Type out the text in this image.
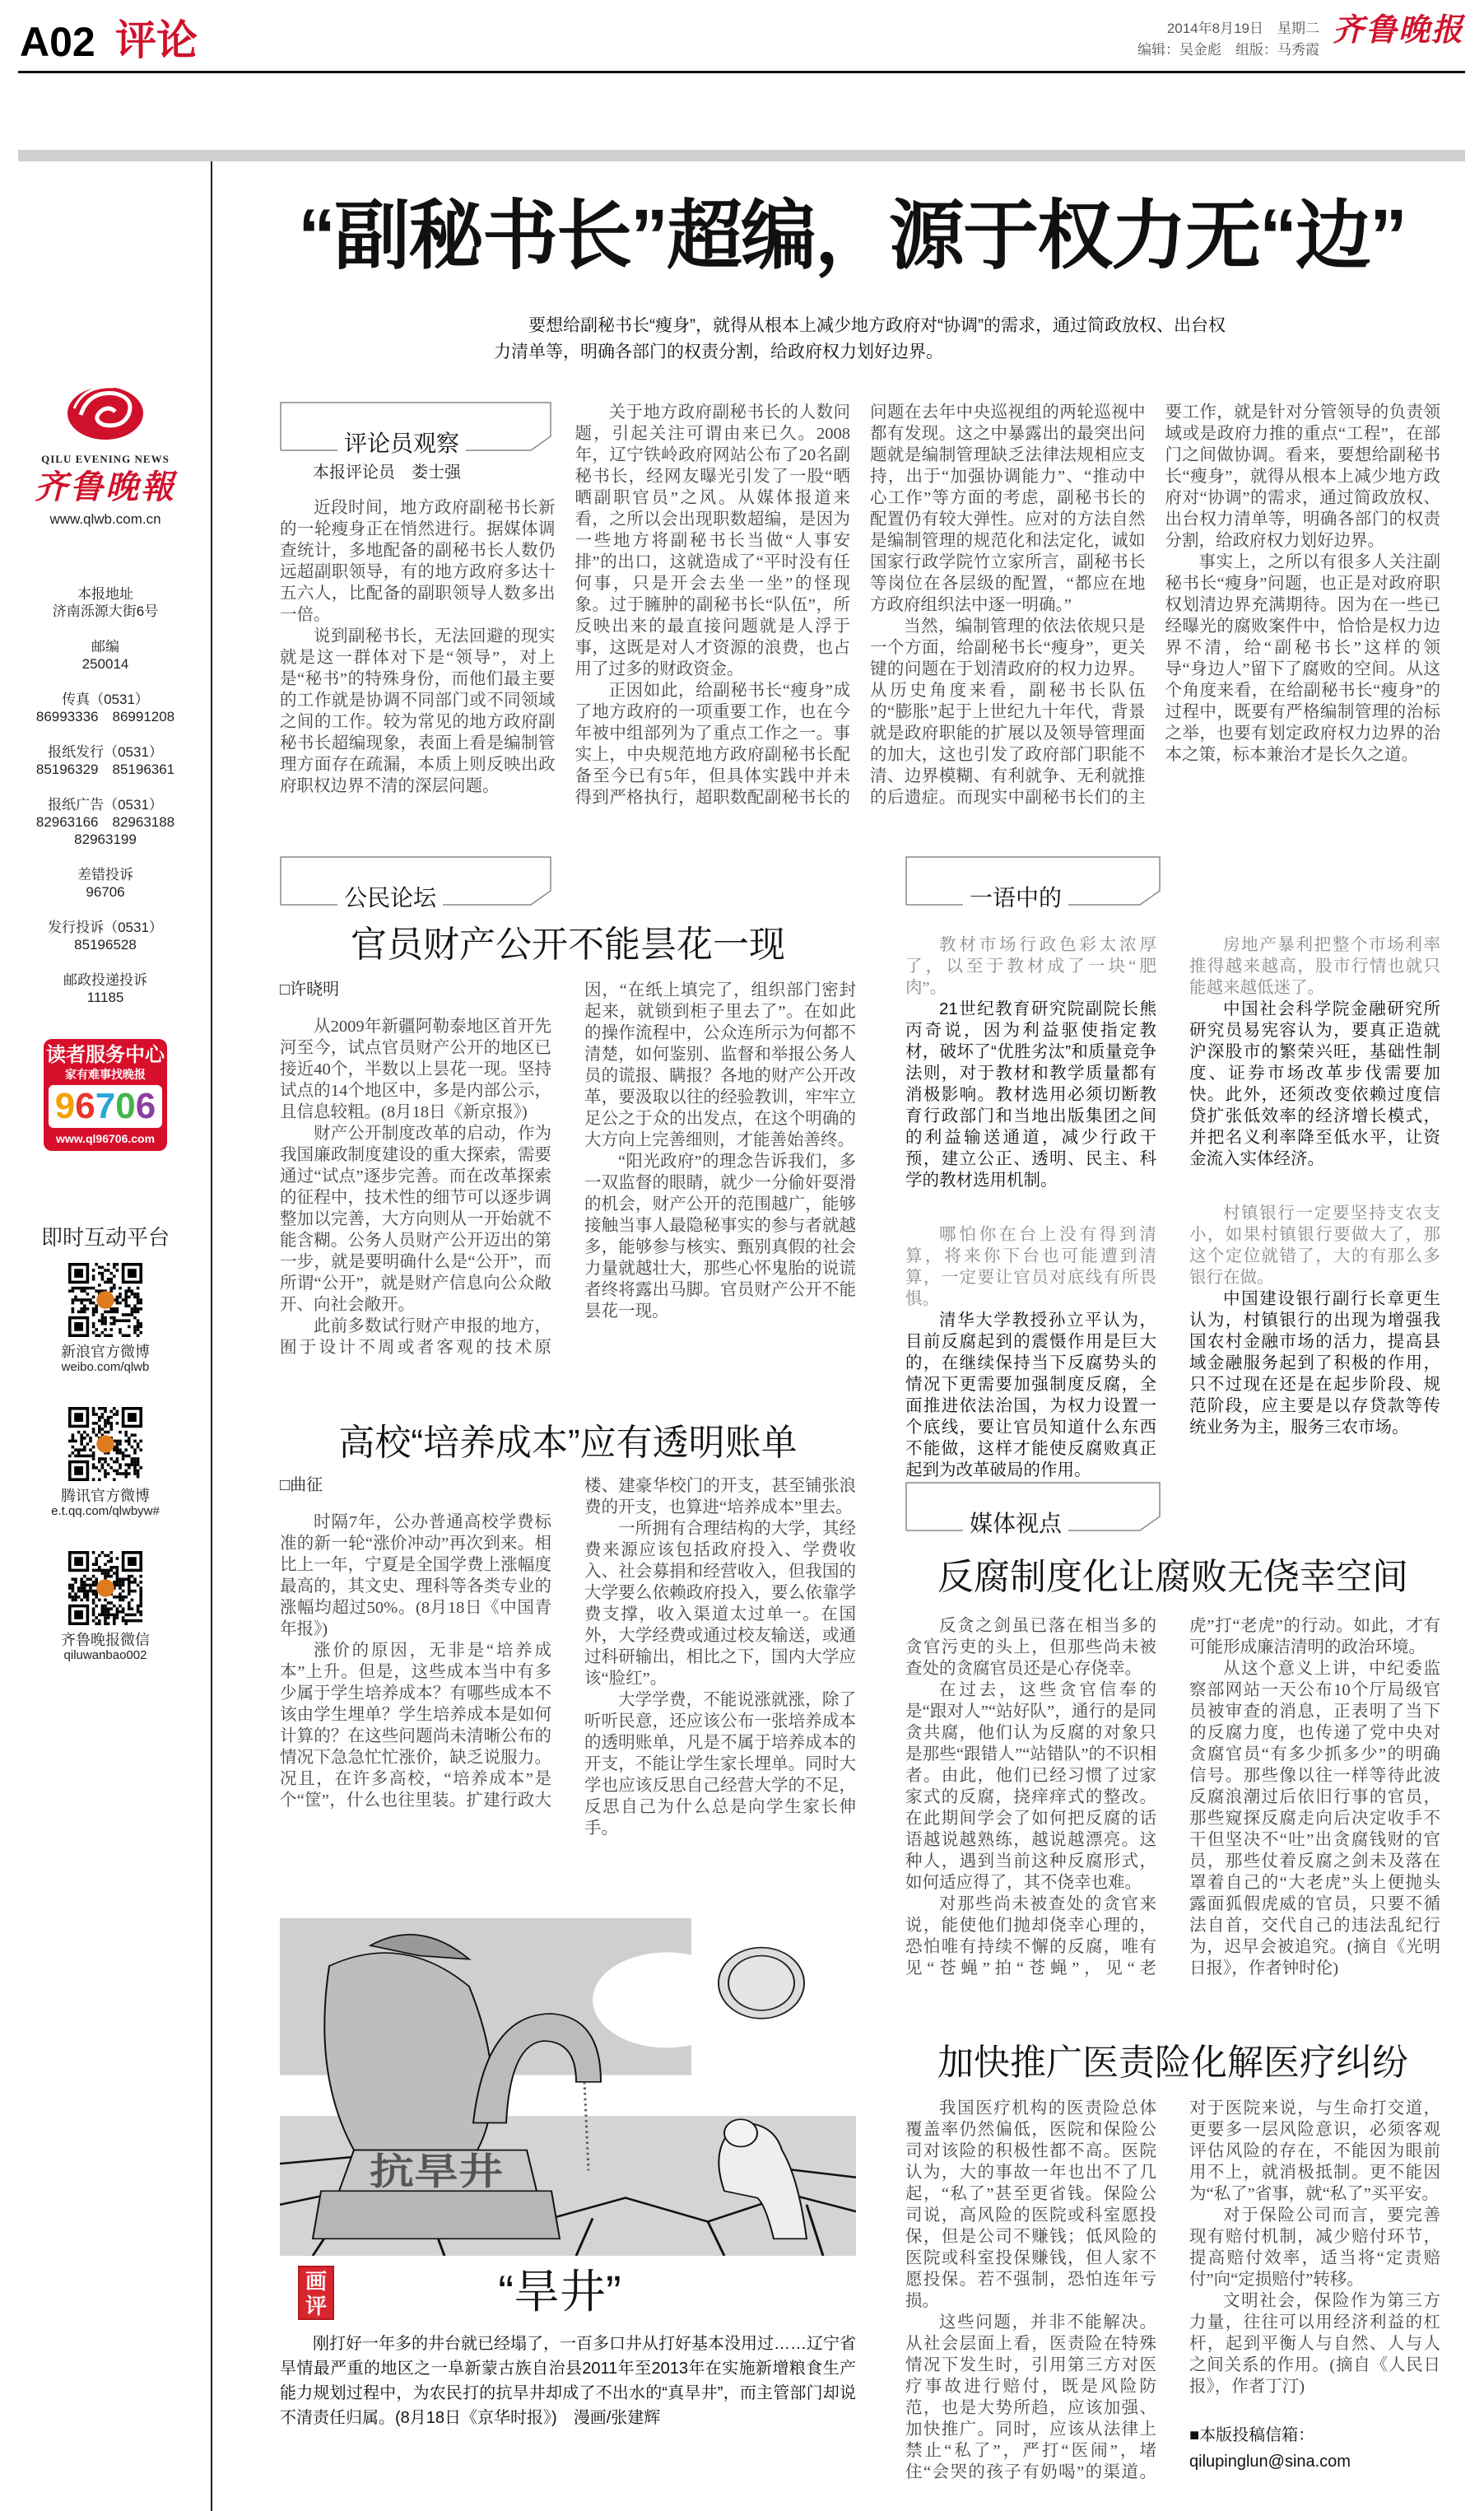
A02 评论	2014年8月19日　星期二
编辑：吴金彪　组版：马秀霞
齐鲁晚报
QILU EVENING NEWS
齐鲁晚報
www.qlwb.com.cn
本报地址
济南泺源大街6号
邮编
250014
传真（0531）
86993336　86991208
报纸发行（0531）
85196329　85196361
报纸广告（0531）
82963166　82963188　82963199
差错投诉
96706
发行投诉（0531）
85196528
邮政投递投诉
11185
读者服务中心
家有难事找晚报
96706
www.ql96706.com
即时互动平台
新浪官方微博
weibo.com/qlwb
腾讯官方微博
e.t.qq.com/qlwbyw#
齐鲁晚报微信
qiluwanbao002
“副秘书长”超编，源于权力无“边”
要想给副秘书长“瘦身”，就得从根本上减少地方政府对“协调”的需求，通过简政放权、出台权力清单等，明确各部门的权责分割，给政府权力划好边界。
评论员观察
本报评论员　娄士强

近段时间，地方政府副秘书长新的一轮瘦身正在悄然进行。据媒体调查统计，多地配备的副秘书长人数仍远超副职领导，有的地方政府多达十五六人，比配备的副职领导人数多出一倍。

说到副秘书长，无法回避的现实就是这一群体对下是“领导”，对上是“秘书”的特殊身份，而他们最主要的工作就是协调不同部门或不同领域之间的工作。较为常见的地方政府副秘书长超编现象，表面上看是编制管理方面存在疏漏，本质上则反映出政府职权边界不清的深层问题。

关于地方政府副秘书长的人数问题，引起关注可谓由来已久。2008年，辽宁铁岭政府网站公布了20名副秘书长，经网友曝光引发了一股“晒晒副职官员”之风。从媒体报道来看，之所以会出现职数超编，是因为一些地方将副秘书长当做“人事安排”的出口，这就造成了“平时没有任何事，只是开会去坐一坐”的怪现象。过于臃肿的副秘书长“队伍”，所反映出来的最直接问题就是人浮于事，这既是对人才资源的浪费，也占用了过多的财政资金。

正因如此，给副秘书长“瘦身”成了地方政府的一项重要工作，也在今年被中组部列为了重点工作之一。事实上，中央规范地方政府副秘书长配备至今已有5年，但具体实践中并未得到严格执行，超职数配副秘书长的问题在去年中央巡视组的两轮巡视中都有发现。这之中暴露出的最突出问题就是编制管理缺乏法律法规相应支持，出于“加强协调能力”、“推动中心工作”等方面的考虑，副秘书长的配置仍有较大弹性。应对的方法自然是编制管理的规范化和法定化，诚如国家行政学院竹立家所言，副秘书长等岗位在各层级的配置，“都应在地方政府组织法中逐一明确。”

当然，编制管理的依法依规只是一个方面，给副秘书长“瘦身”，更关键的问题在于划清政府的权力边界。从历史角度来看，副秘书长队伍的“膨胀”起于上世纪九十年代，背景就是政府职能的扩展以及领导管理面的加大，这也引发了政府部门职能不清、边界模糊、有利就争、无利就推的后遗症。而现实中副秘书长们的主要工作，就是针对分管领导的负责领域或是政府力推的重点“工程”，在部门之间做协调。看来，要想给副秘书长“瘦身”，就得从根本上减少地方政府对“协调”的需求，通过简政放权、出台权力清单等，明确各部门的权责分割，给政府权力划好边界。

事实上，之所以有很多人关注副秘书长“瘦身”问题，也正是对政府职权划清边界充满期待。因为在一些已经曝光的腐败案件中，恰恰是权力边界不清，给“副秘书长”这样的领导“身边人”留下了腐败的空间。从这个角度来看，在给副秘书长“瘦身”的过程中，既要有严格编制管理的治标之举，也要有划定政府权力边界的治本之策，标本兼治才是长久之道。

公民论坛
官员财产公开不能昙花一现
□许晓明

从2009年新疆阿勒泰地区首开先河至今，试点官员财产公开的地区已接近40个，半数以上昙花一现。坚持试点的14个地区中，多是内部公示，且信息较粗。(8月18日《新京报》)

财产公开制度改革的启动，作为我国廉政制度建设的重大探索，需要通过“试点”逐步完善。而在改革探索的征程中，技术性的细节可以逐步调整加以完善，大方向则从一开始就不能含糊。公务人员财产公开迈出的第一步，就是要明确什么是“公开”，而所谓“公开”，就是财产信息向公众敞开、向社会敞开。

此前多数试行财产申报的地方，囿于设计不周或者客观的技术原因，“在纸上填完了，组织部门密封起来，就锁到柜子里去了”。在如此的操作流程中，公众连所示为何都不清楚，如何鉴别、监督和举报公务人员的谎报、瞒报？各地的财产公开改革，要汲取以往的经验教训，牢牢立足公之于众的出发点，在这个明确的大方向上完善细则，才能善始善终。

“阳光政府”的理念告诉我们，多一双监督的眼睛，就少一分偷奸耍滑的机会，财产公开的范围越广，能够接触当事人最隐秘事实的参与者就越多，能够参与核实、甄别真假的社会力量就越壮大，那些心怀鬼胎的说谎者终将露出马脚。官员财产公开不能昙花一现。

一语中的

教材市场行政色彩太浓厚了，以至于教材成了一块“肥肉”。

21世纪教育研究院副院长熊丙奇说，因为利益驱使指定教材，破坏了“优胜劣汰”和质量竞争法则，对于教材和教学质量都有消极影响。教材选用必须切断教育行政部门和当地出版集团之间的利益输送通道，减少行政干预，建立公正、透明、民主、科学的教材选用机制。

哪怕你在台上没有得到清算，将来你下台也可能遭到清算，一定要让官员对底线有所畏惧。

清华大学教授孙立平认为，目前反腐起到的震慑作用是巨大的，在继续保持当下反腐势头的情况下更需要加强制度反腐，全面推进依法治国，为权力设置一个底线，要让官员知道什么东西不能做，这样才能使反腐败真正起到为改革破局的作用。

房地产暴利把整个市场利率推得越来越高，股市行情也就只能越来越低迷了。

中国社会科学院金融研究所研究员易宪容认为，要真正造就沪深股市的繁荣兴旺，基础性制度、证券市场改革步伐需要加快。此外，还须改变依赖过度信贷扩张低效率的经济增长模式，并把名义利率降至低水平，让资金流入实体经济。

村镇银行一定要坚持支农支小，如果村镇银行要做大了，那这个定位就错了，大的有那么多银行在做。

中国建设银行副行长章更生认为，村镇银行的出现为增强我国农村金融市场的活力，提高县域金融服务起到了积极的作用，只不过现在还是在起步阶段、规范阶段，应主要是以存贷款等传统业务为主，服务三农市场。

高校“培养成本”应有透明账单
□曲征

时隔7年，公办普通高校学费标准的新一轮“涨价冲动”再次到来。相比上一年，宁夏是全国学费上涨幅度最高的，其文史、理科等各类专业的涨幅均超过50%。(8月18日《中国青年报》)

涨价的原因，无非是“培养成本”上升。但是，这些成本当中有多少属于学生培养成本？有哪些成本不该由学生埋单？学生培养成本是如何计算的？在这些问题尚未清晰公布的情况下急急忙忙涨价，缺乏说服力。况且，在许多高校，“培养成本”是个“筐”，什么也往里装。扩建行政大楼、建豪华校门的开支，甚至铺张浪费的开支，也算进“培养成本”里去。

一所拥有合理结构的大学，其经费来源应该包括政府投入、学费收入、社会募捐和经营收入，但我国的大学要么依赖政府投入，要么依靠学费支撑，收入渠道太过单一。在国外，大学经费或通过校友输送，或通过科研输出，相比之下，国内大学应该“脸红”。

大学学费，不能说涨就涨，除了听听民意，还应该公布一张培养成本的透明账单，凡是不属于培养成本的开支，不能让学生家长埋单。同时大学也应该反思自己经营大学的不足，反思自己为什么总是向学生家长伸手。

抗旱井
画评	“旱井”
刚打好一年多的井台就已经塌了，一百多口井从打好基本没用过……辽宁省旱情最严重的地区之一阜新蒙古族自治县2011年至2013年在实施新增粮食生产能力规划过程中，为农民打的抗旱井却成了不出水的“真旱井”，而主管部门却说不清责任归属。(8月18日《京华时报》)　漫画/张建辉
媒体视点
反腐制度化让腐败无侥幸空间

反贪之剑虽已落在相当多的贪官污吏的头上，但那些尚未被查处的贪腐官员还是心存侥幸。

在过去，这些贪官信奉的是“跟对人”“站好队”，通行的是同贪共腐，他们认为反腐的对象只是那些“跟错人”“站错队”的不识相者。由此，他们已经习惯了过家家式的反腐，挠痒痒式的整改。在此期间学会了如何把反腐的话语越说越熟练，越说越漂亮。这种人，遇到当前这种反腐形式，如何适应得了，其不侥幸也难。

对那些尚未被查处的贪官来说，能使他们抛却侥幸心理的，恐怕唯有持续不懈的反腐，唯有见“苍蝇”拍“苍蝇”，见“老虎”打“老虎”的行动。如此，才有可能形成廉洁清明的政治环境。

从这个意义上讲，中纪委监察部网站一天公布10个厅局级官员被审查的消息，正表明了当下的反腐力度，也传递了党中央对贪腐官员“有多少抓多少”的明确信号。那些像以往一样等待此波反腐浪潮过后依旧行事的官员，那些窥探反腐走向后决定收手不干但坚决不“吐”出贪腐钱财的官员，那些仗着反腐之剑未及落在罩着自己的“大老虎”头上便抛头露面狐假虎威的官员，只要不循法自首，交代自己的违法乱纪行为，迟早会被追究。(摘自《光明日报》，作者钟时伦)

加快推广医责险化解医疗纠纷

我国医疗机构的医责险总体覆盖率仍然偏低，医院和保险公司对该险的积极性都不高。医院认为，大的事故一年也出不了几起，“私了”甚至更省钱。保险公司说，高风险的医院或科室愿投保，但是公司不赚钱；低风险的医院或科室投保赚钱，但人家不愿投保。若不强制，恐怕连年亏损。

这些问题，并非不能解决。从社会层面上看，医责险在特殊情况下发生时，引用第三方对医疗事故进行赔付，既是风险防范，也是大势所趋，应该加强、加快推广。同时，应该从法律上禁止“私了”，严打“医闹”，堵住“会哭的孩子有奶喝”的渠道。对于医院来说，与生命打交道，更要多一层风险意识，必须客观评估风险的存在，不能因为眼前用不上，就消极抵制。更不能因为“私了”省事，就“私了”买平安。

对于保险公司而言，要完善现有赔付机制，减少赔付环节，提高赔付效率，适当将“定责赔付”向“定损赔付”转移。

文明社会，保险作为第三方力量，往往可以用经济利益的杠杆，起到平衡人与自然、人与人之间关系的作用。(摘自《人民日报》，作者丁汀)

■本版投稿信箱：
qilupinglun@sina.com
